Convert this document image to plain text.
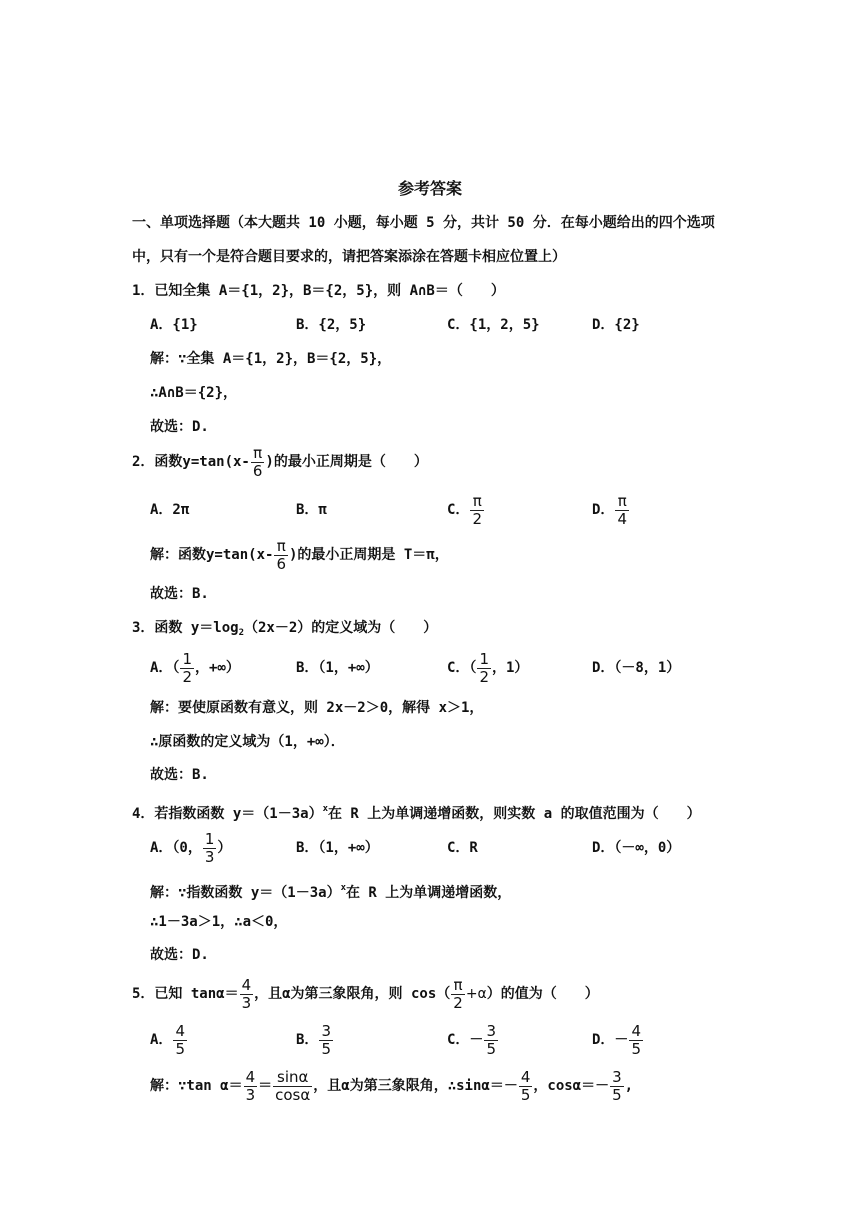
参考答案
一、单项选择题（本大题共 10 小题，每小题 5 分，共计 50 分．在每小题给出的四个选项
中，只有一个是符合题目要求的，请把答案添涂在答题卡相应位置上）
1．已知全集 A＝{1，2}，B＝{2，5}，则 A∩B＝（　　）
A．{1}	B．{2，5}	C．{1，2，5}	D．{2}
解：∵全集 A＝{1，2}，B＝{2，5}，
∴A∩B＝{2}，
故选：D.
2．函数$y=\tan(x- \frac{\pi}{6}$ )的最小正周期是（　　）
A．2π	B．π	C． $\frac{\pi}{2}$	D． $\frac{\pi}{4}$
解：函数$y=\tan(x- \frac{\pi}{6}$ )的最小正周期是 T＝π，
故选：B.
3．函数 $y=\log_2(2x-2)$的定义域为（　　）
A．（ $\frac{1}{2}$ ，+∞）	B．（1，+∞）	C．（ $\frac{1}{2}$ ，1）	D．（－8，1）
解：要使原函数有意义，则 2x－2＞0，解得 x＞1，
∴原函数的定义域为（1，+∞）．
故选：B.
4．若指数函数 $y=(1-3a)^x$在 R 上为单调递增函数，则实数 a 的取值范围为（　　）
A．（0， $\frac{1}{3}$ ）	B．（1，+∞）	C．R	D．（－∞，0）
解：∵指数函数 $y=(1-3a)^x$在 R 上为单调递增函数，
∴1－3a＞1，∴a＜0，
故选：D.
5．已知 $\tan\alpha= \frac{4}{3}$ ，且α为第三象限角，则 $\cos( \frac{\pi}{2} +\alpha)$的值为（　　）
A． $\frac{4}{5}$	B． $\frac{3}{5}$	C．－ $\frac{3}{5}$	D．－ $\frac{4}{5}$
解：∵tan $\alpha= \frac{4}{3} = \frac{\sin\alpha}{\cos\alpha}$ ，且α为第三象限角，∴sinα＝－ $\frac{4}{5}$ ，$\cos\alpha=- \frac{3}{5}$ ,
